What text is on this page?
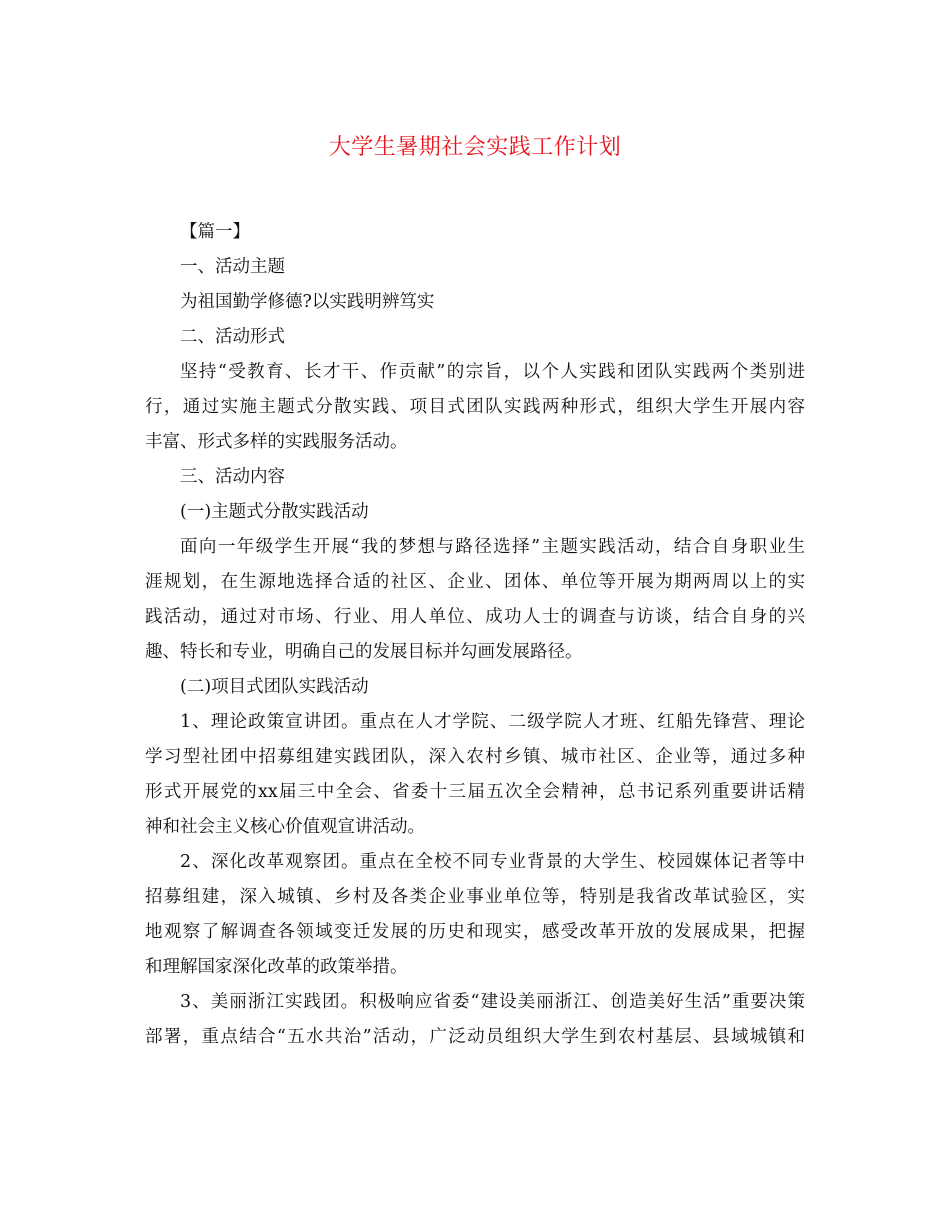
大学生暑期社会实践工作计划
【篇一】
一、活动主题
为祖国勤学修德?以实践明辨笃实
二、活动形式
坚持“受教育、长才干、作贡献”的宗旨，以个人实践和团队实践两个类别进
行，通过实施主题式分散实践、项目式团队实践两种形式，组织大学生开展内容
丰富、形式多样的实践服务活动。
三、活动内容
(一)主题式分散实践活动
面向一年级学生开展“我的梦想与路径选择”主题实践活动，结合自身职业生
涯规划，在生源地选择合适的社区、企业、团体、单位等开展为期两周以上的实
践活动，通过对市场、行业、用人单位、成功人士的调查与访谈，结合自身的兴
趣、特长和专业，明确自己的发展目标并勾画发展路径。
(二)项目式团队实践活动
1、理论政策宣讲团。重点在人才学院、二级学院人才班、红船先锋营、理论
学习型社团中招募组建实践团队，深入农村乡镇、城市社区、企业等，通过多种
形式开展党的xx届三中全会、省委十三届五次全会精神，总书记系列重要讲话精
神和社会主义核心价值观宣讲活动。
2、深化改革观察团。重点在全校不同专业背景的大学生、校园媒体记者等中
招募组建，深入城镇、乡村及各类企业事业单位等，特别是我省改革试验区，实
地观察了解调查各领域变迁发展的历史和现实，感受改革开放的发展成果，把握
和理解国家深化改革的政策举措。
3、美丽浙江实践团。积极响应省委“建设美丽浙江、创造美好生活”重要决策
部署，重点结合“五水共治”活动，广泛动员组织大学生到农村基层、县域城镇和
